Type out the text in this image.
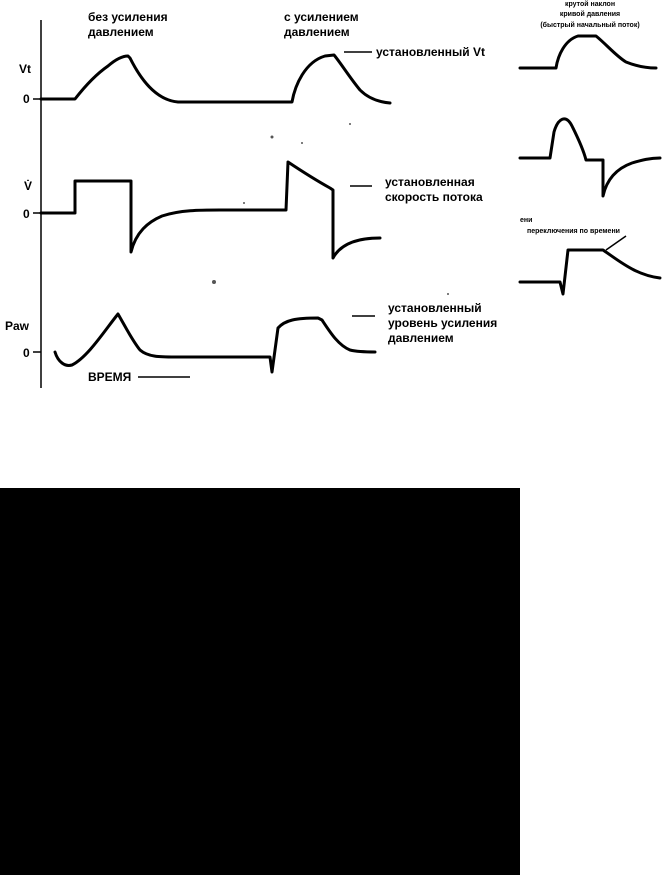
без усиления
давлением
с усилением
давлением
Vt
0
V̇
0
Paw
0
ВРЕМЯ
установленный Vt
установленная
скорость потока
установленный
уровень усиления
давлением
крутой наклон
кривой давления
(быстрый начальный поток)
ени
переключения по времени
